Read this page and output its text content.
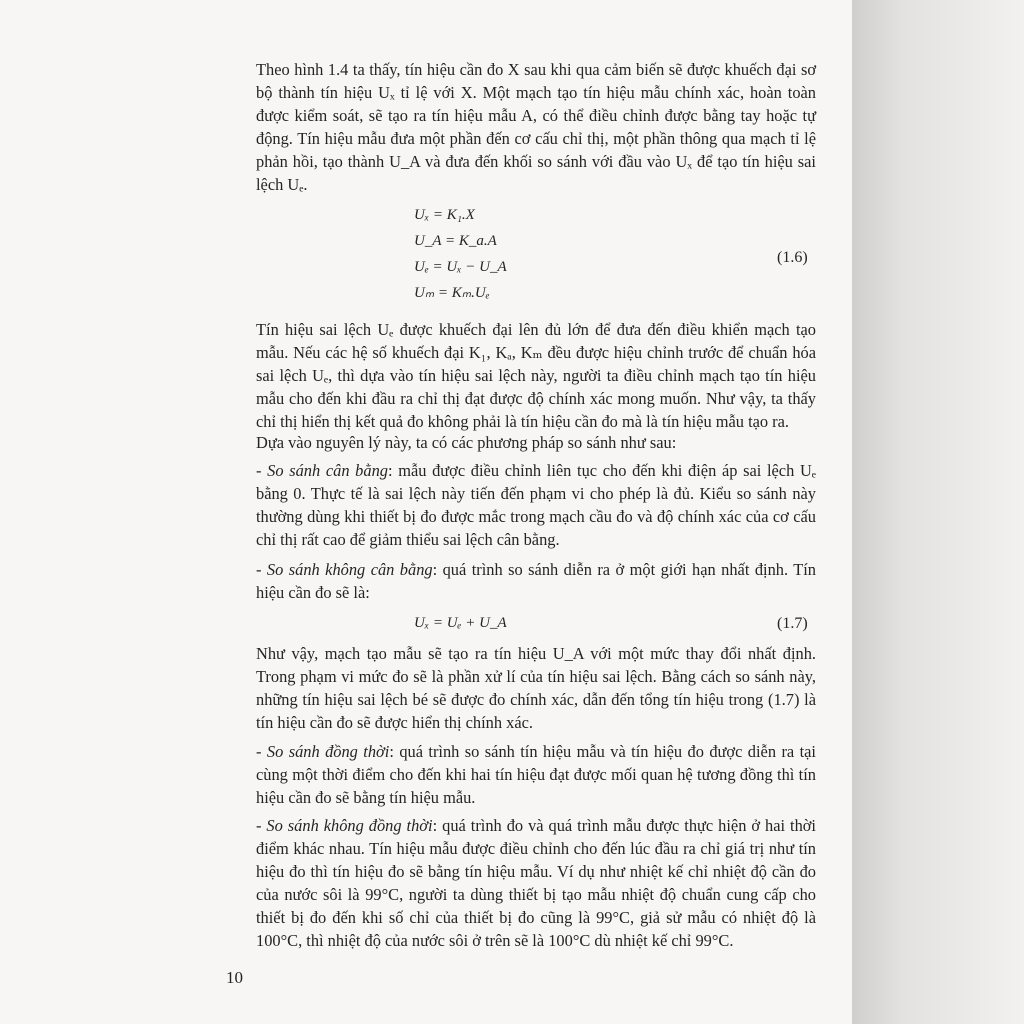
Theo hình 1.4 ta thấy, tín hiệu cần đo X sau khi qua cảm biến sẽ được khuếch đại sơ bộ thành tín hiệu Uₓ tỉ lệ với X. Một mạch tạo tín hiệu mẫu chính xác, hoàn toàn được kiểm soát, sẽ tạo ra tín hiệu mẫu A, có thể điều chỉnh được bằng tay hoặc tự động. Tín hiệu mẫu đưa một phần đến cơ cấu chỉ thị, một phần thông qua mạch tỉ lệ phản hồi, tạo thành U_A và đưa đến khối so sánh với đầu vào Uₓ để tạo tín hiệu sai lệch Uₑ.

Uₓ = K₁.X
U_A = K_a.A
Uₑ = Uₓ − U_A
Uₘ = Kₘ.Uₑ
(1.6)

Tín hiệu sai lệch Uₑ được khuếch đại lên đủ lớn để đưa đến điều khiển mạch tạo mẫu. Nếu các hệ số khuếch đại K₁, Kₐ, Kₘ đều được hiệu chỉnh trước để chuẩn hóa sai lệch Uₑ, thì dựa vào tín hiệu sai lệch này, người ta điều chỉnh mạch tạo tín hiệu mẫu cho đến khi đầu ra chỉ thị đạt được độ chính xác mong muốn. Như vậy, ta thấy chỉ thị hiển thị kết quả đo không phải là tín hiệu cần đo mà là tín hiệu mẫu tạo ra.

Dựa vào nguyên lý này, ta có các phương pháp so sánh như sau:

- So sánh cân bằng: mẫu được điều chỉnh liên tục cho đến khi điện áp sai lệch Uₑ bằng 0. Thực tế là sai lệch này tiến đến phạm vi cho phép là đủ. Kiểu so sánh này thường dùng khi thiết bị đo được mắc trong mạch cầu đo và độ chính xác của cơ cấu chỉ thị rất cao để giảm thiểu sai lệch cân bằng.

- So sánh không cân bằng: quá trình so sánh diễn ra ở một giới hạn nhất định. Tín hiệu cần đo sẽ là:

Uₓ = Uₑ + U_A	(1.7)

Như vậy, mạch tạo mẫu sẽ tạo ra tín hiệu U_A với một mức thay đổi nhất định. Trong phạm vi mức đo sẽ là phần xử lí của tín hiệu sai lệch. Bằng cách so sánh này, những tín hiệu sai lệch bé sẽ được đo chính xác, dẫn đến tổng tín hiệu trong (1.7) là tín hiệu cần đo sẽ được hiển thị chính xác.

- So sánh đồng thời: quá trình so sánh tín hiệu mẫu và tín hiệu đo được diễn ra tại cùng một thời điểm cho đến khi hai tín hiệu đạt được mối quan hệ tương đồng thì tín hiệu cần đo sẽ bằng tín hiệu mẫu.

- So sánh không đồng thời: quá trình đo và quá trình mẫu được thực hiện ở hai thời điểm khác nhau. Tín hiệu mẫu được điều chỉnh cho đến lúc đầu ra chỉ giá trị như tín hiệu đo thì tín hiệu đo sẽ bằng tín hiệu mẫu. Ví dụ như nhiệt kế chỉ nhiệt độ cần đo của nước sôi là 99°C, người ta dùng thiết bị tạo mẫu nhiệt độ chuẩn cung cấp cho thiết bị đo đến khi số chỉ của thiết bị đo cũng là 99°C, giả sử mẫu có nhiệt độ là 100°C, thì nhiệt độ của nước sôi ở trên sẽ là 100°C dù nhiệt kế chỉ 99°C.

10
